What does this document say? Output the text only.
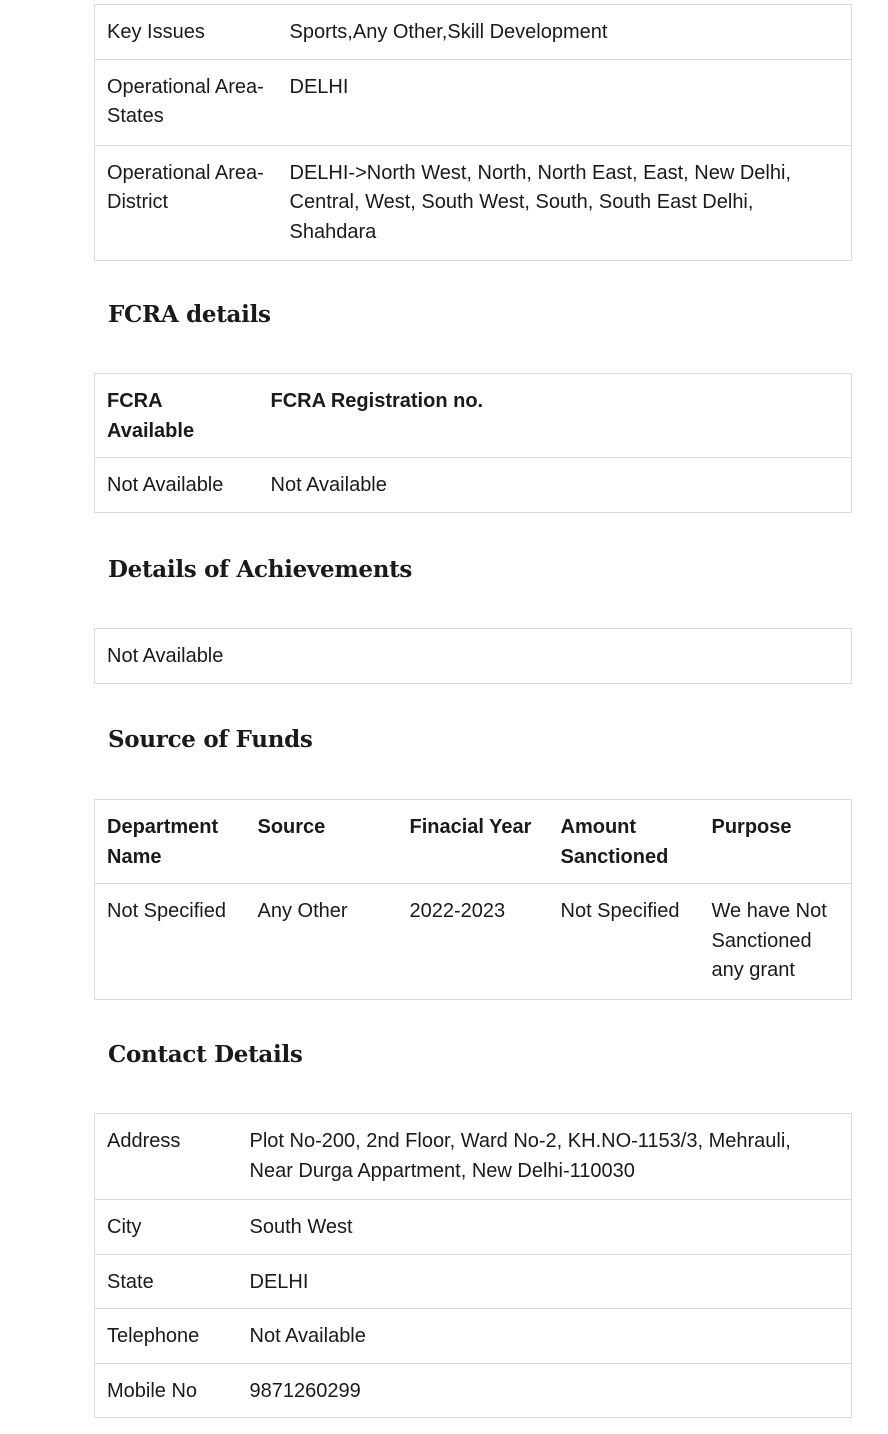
Key Issues	Sports,Any Other,Skill Development
Operational Area-States	DELHI
Operational Area-District	DELHI->North West, North, North East, East, New Delhi, Central, West, South West, South, South East Delhi, Shahdara
FCRA details
FCRA Available	FCRA Registration no.
Not Available	Not Available
Details of Achievements
Not Available
Source of Funds
Department Name	Source	Finacial Year	Amount Sanctioned	Purpose
Not Specified	Any Other	2022-2023	Not Specified	We have Not Sanctioned any grant
Contact Details
Address	Plot No-200, 2nd Floor, Ward No-2, KH.NO-1153/3, Mehrauli, Near Durga Appartment, New Delhi-110030
City	South West
State	DELHI
Telephone	Not Available
Mobile No	9871260299
